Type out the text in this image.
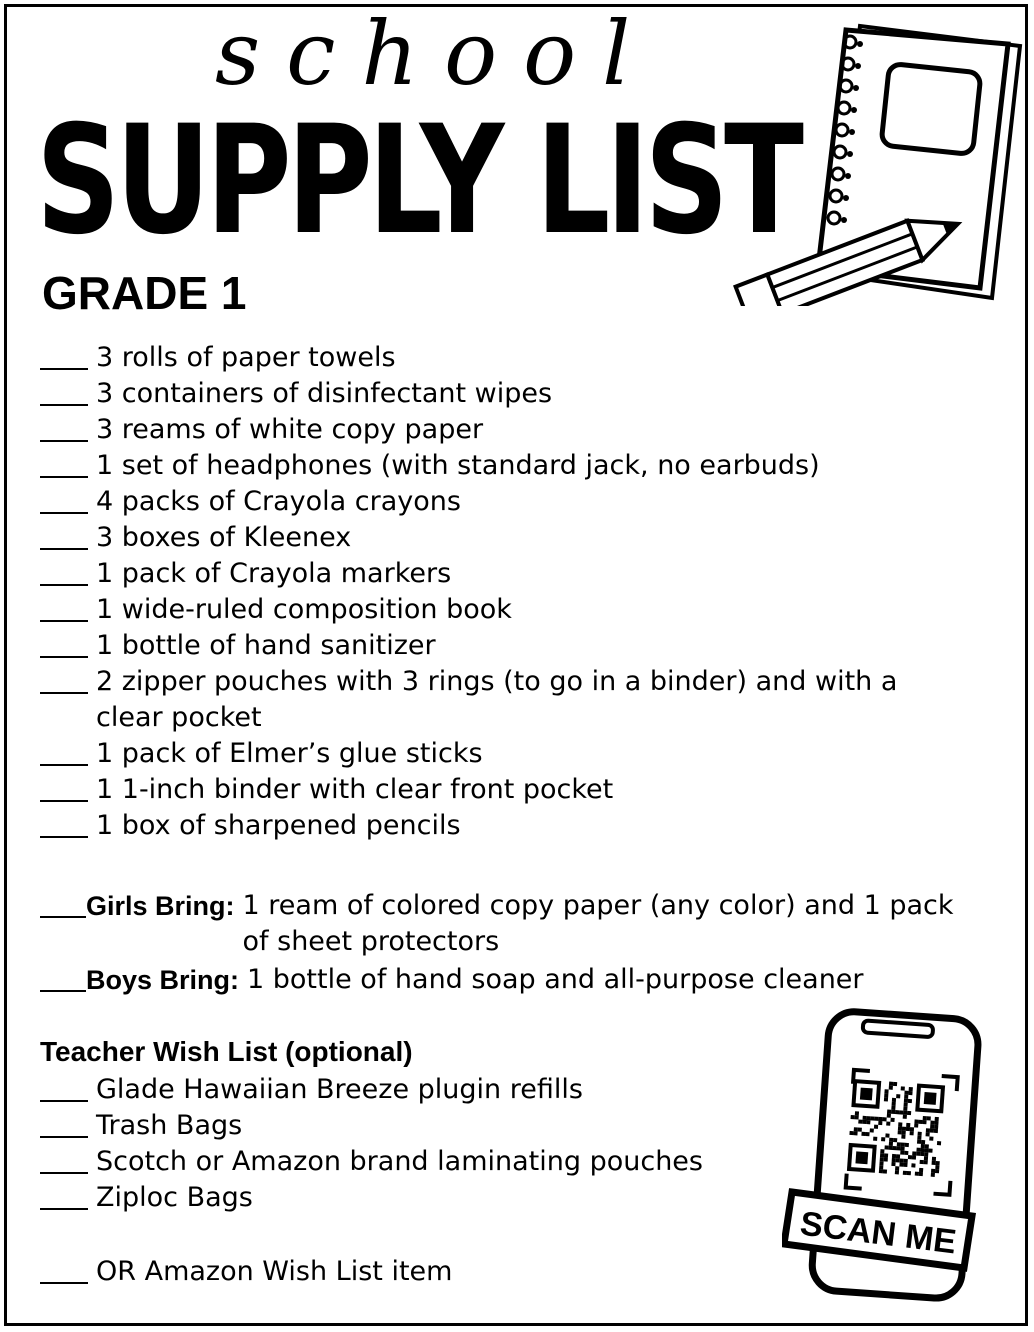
school
SUPPLY LIST
GRADE 1
3 rolls of paper towels
3 containers of disinfectant wipes
3 reams of white copy paper
1 set of headphones (with standard jack, no earbuds)
4 packs of Crayola crayons
3 boxes of Kleenex
1 pack of Crayola markers
1 wide-ruled composition book
1 bottle of hand sanitizer
2 zipper pouches with 3 rings (to go in a binder) and with a clear pocket
1 pack of Elmer’s glue sticks
1 1-inch binder with clear front pocket
1 box of sharpened pencils
Girls Bring: 1 ream of colored copy paper (any color) and 1 pack of sheet protectors
Boys Bring: 1 bottle of hand soap and all-purpose cleaner
Teacher Wish List (optional)
Glade Hawaiian Breeze plugin refills
Trash Bags
Scotch or Amazon brand laminating pouches
Ziploc Bags
OR Amazon Wish List item
SCAN ME
